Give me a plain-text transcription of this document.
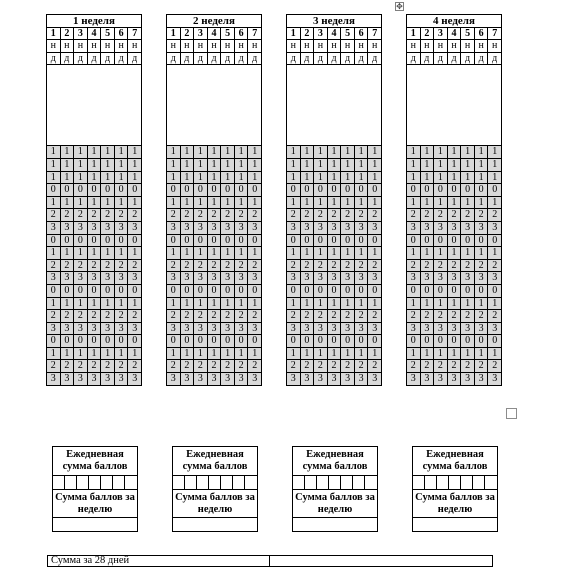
✥
1 неделя
1 2 3 4 5 6 7
н н н н н н н
д д д д д д д
1 1 1 1 1 1 1
1 1 1 1 1 1 1
1 1 1 1 1 1 1
0 0 0 0 0 0 0
1 1 1 1 1 1 1
2 2 2 2 2 2 2
3 3 3 3 3 3 3
0 0 0 0 0 0 0
1 1 1 1 1 1 1
2 2 2 2 2 2 2
3 3 3 3 3 3 3
0 0 0 0 0 0 0
1 1 1 1 1 1 1
2 2 2 2 2 2 2
3 3 3 3 3 3 3
0 0 0 0 0 0 0
1 1 1 1 1 1 1
2 2 2 2 2 2 2
3 3 3 3 3 3 3
2 неделя
1 2 3 4 5 6 7
н н н н н н н
д д д д д д д
1 1 1 1 1 1 1
1 1 1 1 1 1 1
1 1 1 1 1 1 1
0 0 0 0 0 0 0
1 1 1 1 1 1 1
2 2 2 2 2 2 2
3 3 3 3 3 3 3
0 0 0 0 0 0 0
1 1 1 1 1 1 1
2 2 2 2 2 2 2
3 3 3 3 3 3 3
0 0 0 0 0 0 0
1 1 1 1 1 1 1
2 2 2 2 2 2 2
3 3 3 3 3 3 3
0 0 0 0 0 0 0
1 1 1 1 1 1 1
2 2 2 2 2 2 2
3 3 3 3 3 3 3
3 неделя
1 2 3 4 5 6 7
н н н н н н н
д д д д д д д
1 1 1 1 1 1 1
1 1 1 1 1 1 1
1 1 1 1 1 1 1
0 0 0 0 0 0 0
1 1 1 1 1 1 1
2 2 2 2 2 2 2
3 3 3 3 3 3 3
0 0 0 0 0 0 0
1 1 1 1 1 1 1
2 2 2 2 2 2 2
3 3 3 3 3 3 3
0 0 0 0 0 0 0
1 1 1 1 1 1 1
2 2 2 2 2 2 2
3 3 3 3 3 3 3
0 0 0 0 0 0 0
1 1 1 1 1 1 1
2 2 2 2 2 2 2
3 3 3 3 3 3 3
4 неделя
1 2 3 4 5 6 7
н н н н н н н
д д д д д д д
1 1 1 1 1 1 1
1 1 1 1 1 1 1
1 1 1 1 1 1 1
0 0 0 0 0 0 0
1 1 1 1 1 1 1
2 2 2 2 2 2 2
3 3 3 3 3 3 3
0 0 0 0 0 0 0
1 1 1 1 1 1 1
2 2 2 2 2 2 2
3 3 3 3 3 3 3
0 0 0 0 0 0 0
1 1 1 1 1 1 1
2 2 2 2 2 2 2
3 3 3 3 3 3 3
0 0 0 0 0 0 0
1 1 1 1 1 1 1
2 2 2 2 2 2 2
3 3 3 3 3 3 3
Ежедневная сумма баллов
Сумма баллов за неделю
Ежедневная сумма баллов
Сумма баллов за неделю
Ежедневная сумма баллов
Сумма баллов за неделю
Ежедневная сумма баллов
Сумма баллов за неделю
Сумма за 28 дней
